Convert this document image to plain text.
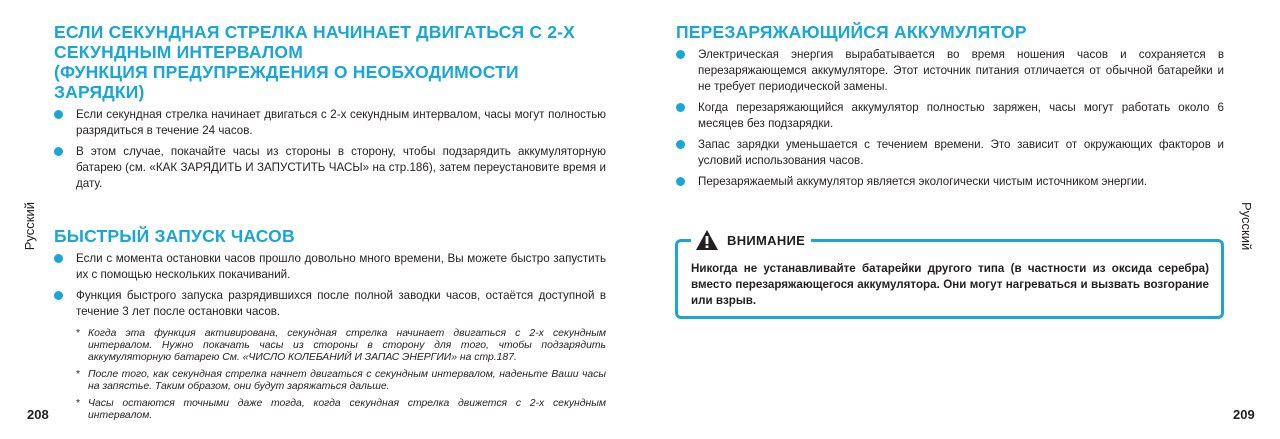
Русский
208
ЕСЛИ СЕКУНДНАЯ СТРЕЛКА НАЧИНАЕТ ДВИГАТЬСЯ С 2-Х СЕКУНДНЫМ ИНТЕРВАЛОМ
(ФУНКЦИЯ ПРЕДУПРЕЖДЕНИЯ О НЕОБХОДИМОСТИ ЗАРЯДКИ)
Если секундная стрелка начинает двигаться с 2-х секундным интервалом, часы могут полностью разрядиться в течение 24 часов.
В этом случае, покачайте часы из стороны в сторону, чтобы подзарядить аккумуляторную батарею (см. «КАК ЗАРЯДИТЬ И ЗАПУСТИТЬ ЧАСЫ» на стр.186), затем переустановите время и дату.
БЫСТРЫЙ ЗАПУСК ЧАСОВ
Если с момента остановки часов прошло довольно много времени, Вы можете быстро запустить их с помощью нескольких покачиваний.
Функция быстрого запуска разрядившихся после полной заводки часов, остаётся доступной в течение 3 лет после остановки часов.
* Когда эта функция активирована, секундная стрелка начинает двигаться с 2-х секундным интервалом. Нужно покачать часы из стороны в сторону для того, чтобы подзарядить аккумуляторную батарею См. «ЧИСЛО КОЛЕБАНИЙ И ЗАПАС ЭНЕРГИИ» на стр.187.
* После того, как секундная стрелка начнет двигаться с секундным интервалом, наденьте Ваши часы на запястье. Таким образом, они будут заряжаться дальше.
* Часы остаются точными даже тогда, когда секундная стрелка движется с 2-х секундным интервалом.
Русский
209
ПЕРЕЗАРЯЖАЮЩИЙСЯ АККУМУЛЯТОР
Электрическая энергия вырабатывается во время ношения часов и сохраняется в перезаряжающемся аккумуляторе. Этот источник питания отличается от обычной батарейки и не требует периодической замены.
Когда перезаряжающийся аккумулятор полностью заряжен, часы могут работать около 6 месяцев без подзарядки.
Запас зарядки уменьшается с течением времени. Это зависит от окружающих факторов и условий использования часов.
Перезаряжаемый аккумулятор является экологически чистым источником энергии.
ВНИМАНИЕ
Никогда не устанавливайте батарейки другого типа (в частности из оксида серебра) вместо перезаряжающегося аккумулятора. Они могут нагреваться и вызвать возгорание или взрыв.
